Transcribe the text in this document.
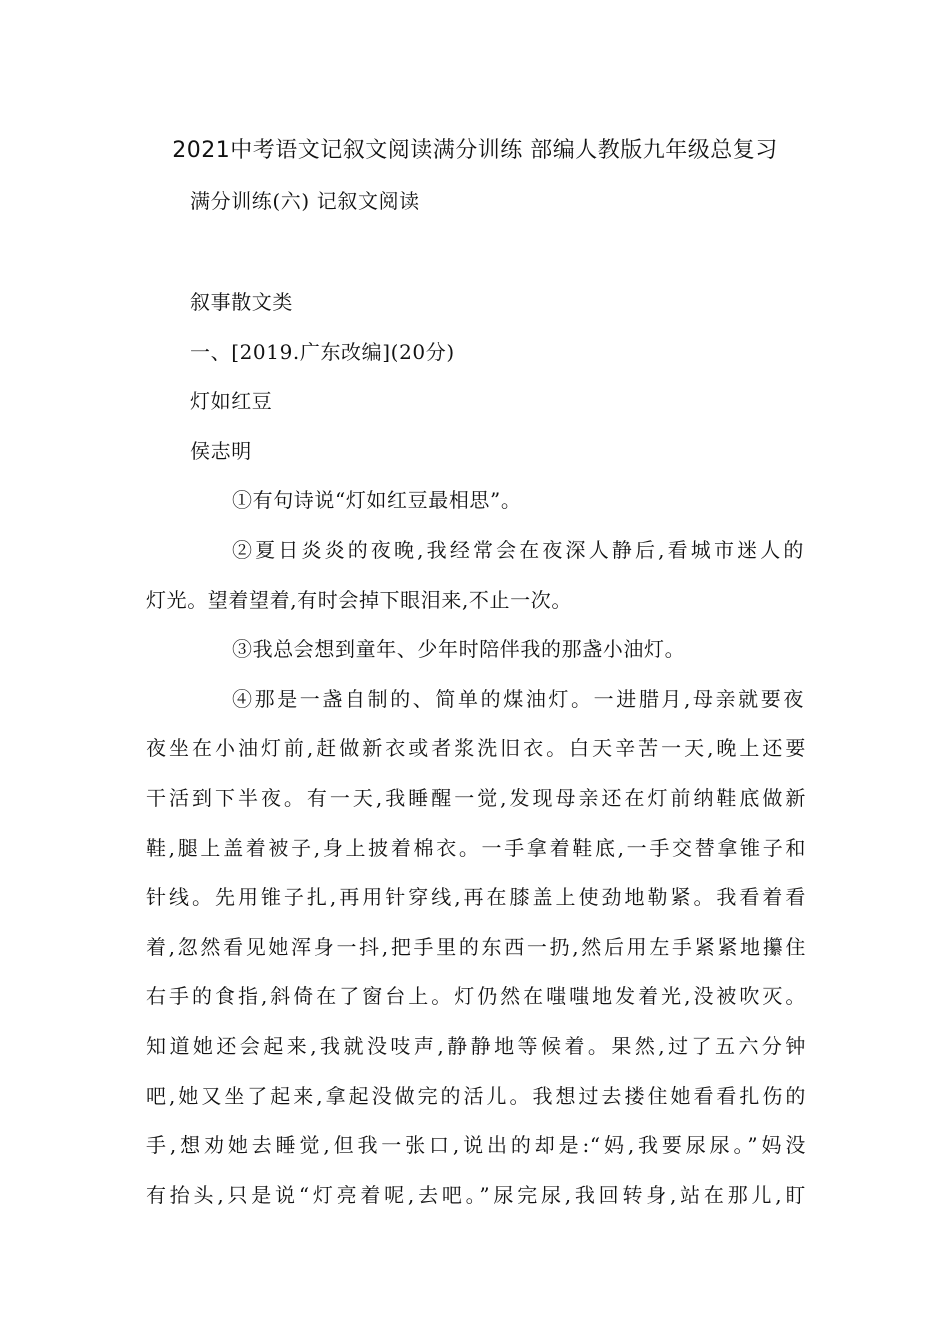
2021中考语文记叙文阅读满分训练 部编人教版九年级总复习
满分训练(六) 记叙文阅读
叙事散文类
一、[2019.广东改编](20分)
灯如红豆
侯志明
①有句诗说“灯如红豆最相思”。
②夏日炎炎的夜晚,我经常会在夜深人静后,看城市迷人的
灯光。望着望着,有时会掉下眼泪来,不止一次。
③我总会想到童年、少年时陪伴我的那盏小油灯。
④那是一盏自制的、简单的煤油灯。一进腊月,母亲就要夜
夜坐在小油灯前,赶做新衣或者浆洗旧衣。白天辛苦一天,晚上还要
干活到下半夜。有一天,我睡醒一觉,发现母亲还在灯前纳鞋底做新
鞋,腿上盖着被子,身上披着棉衣。一手拿着鞋底,一手交替拿锥子和
针线。先用锥子扎,再用针穿线,再在膝盖上使劲地勒紧。我看着看
着,忽然看见她浑身一抖,把手里的东西一扔,然后用左手紧紧地攥住
右手的食指,斜倚在了窗台上。灯仍然在嗤嗤地发着光,没被吹灭。
知道她还会起来,我就没吱声,静静地等候着。果然,过了五六分钟
吧,她又坐了起来,拿起没做完的活儿。我想过去搂住她看看扎伤的
手,想劝她去睡觉,但我一张口,说出的却是:“妈,我要尿尿。”妈没
有抬头,只是说“灯亮着呢,去吧。”尿完尿,我回转身,站在那儿,盯
